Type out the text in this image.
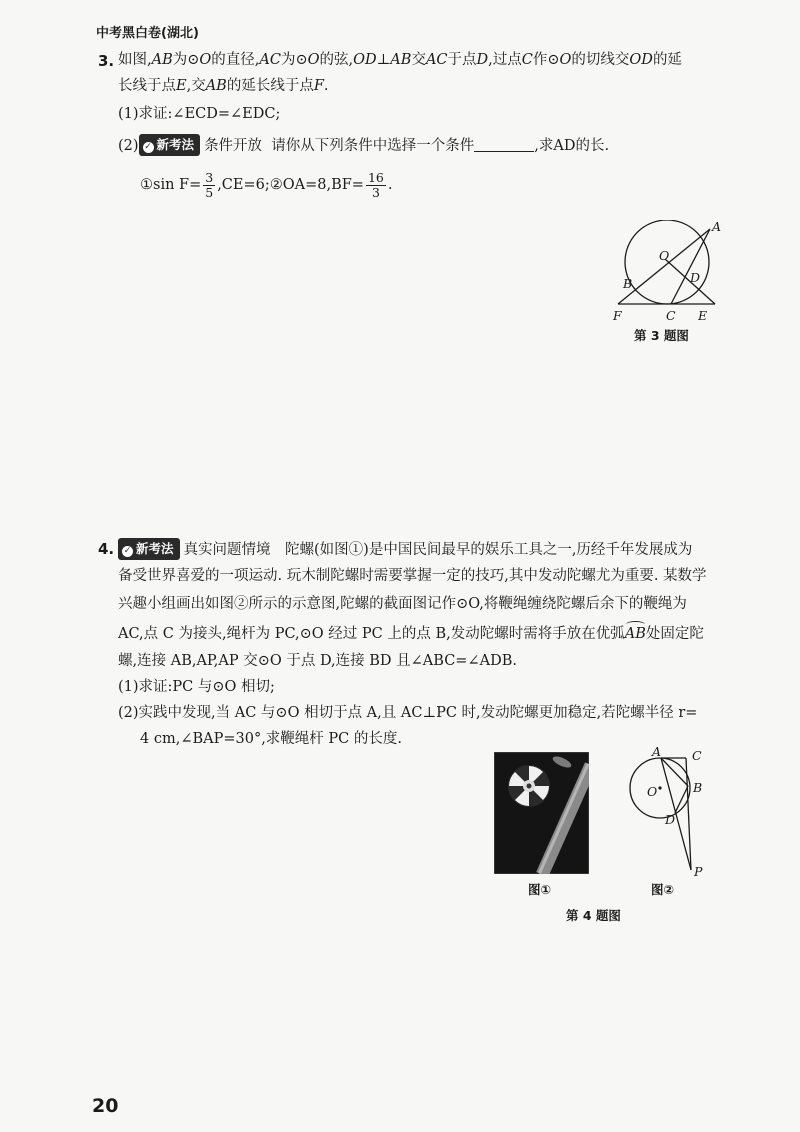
中考黑白卷(湖北)
3. 如图,AB为⊙O的直径,AC为⊙O的弦,OD⊥AB交AC于点D,过点C作⊙O的切线交OD的延
长线于点E,交AB的延长线于点F.
(1)求证:∠ECD=∠EDC;
(2) ✓ 新考法 条件开放 请你从下列条件中选择一个条件	,求AD的长.
①sin $F= \frac{3}{5}$ ,CE=6;②OA=8,BF= $\frac{16}{3}$ .
A
O
D
B
F	C E
第 3 题图
4.	✓ 新考法 真实问题情境　陀螺(如图①)是中国民间最早的娱乐工具之一,历经千年发展成为
备受世界喜爱的一项运动. 玩木制陀螺时需要掌握一定的技巧,其中发动陀螺尤为重要. 某数学
兴趣小组画出如图②所示的示意图,陀螺的截面图记作⊙O,将鞭绳缠绕陀螺后余下的鞭绳为
AC,点 C 为接头,绳杆为 PC,⊙O 经过 PC 上的点 B,发动陀螺时需将手放在优弧AB处固定陀
螺,连接 AB,AP,AP 交⊙O 于点 D,连接 BD 且∠ABC=∠ADB.
(1)求证:PC 与⊙O 相切;
(2)实践中发现,当 AC 与⊙O 相切于点 A,且 AC⊥PC 时,发动陀螺更加稳定,若陀螺半径 r=
4 cm,∠BAP=30°,求鞭绳杆 PC 的长度.
图①
A C
O	B
D
P
图②
第 4 题图
20
